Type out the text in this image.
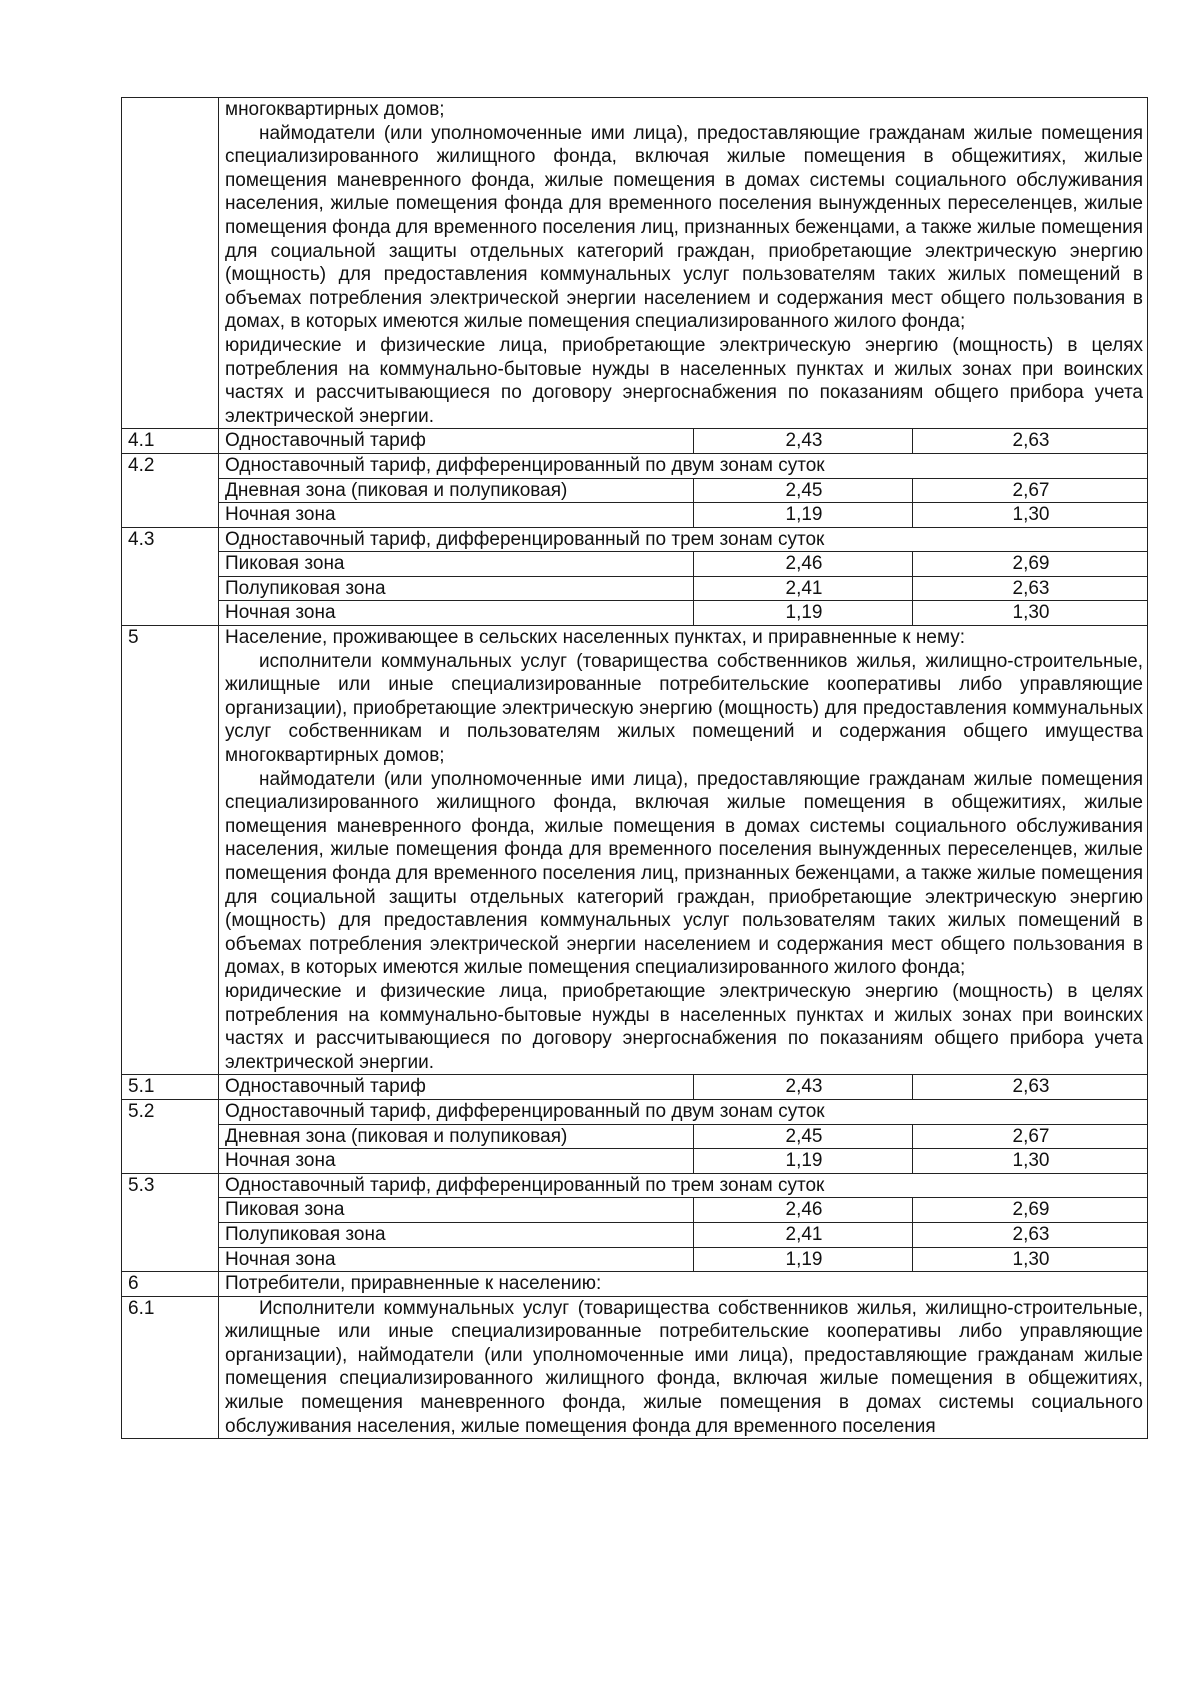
	многоквартирных домов;

наймодатели (или уполномоченные ими лица), предоставляющие гражданам жилые помещения специализированного жилищного фонда, включая жилые помещения в общежитиях, жилые помещения маневренного фонда, жилые помещения в домах системы социального обслуживания населения, жилые помещения фонда для временного поселения вынужденных переселенцев, жилые помещения фонда для временного поселения лиц, признанных беженцами, а также жилые помещения для социальной защиты отдельных категорий граждан, приобретающие электрическую энергию (мощность) для предоставления коммунальных услуг пользователям таких жилых помещений в объемах потребления электрической энергии населением и содержания мест общего пользования в домах, в которых имеются жилые помещения специализированного жилого фонда;

юридические и физические лица, приобретающие электрическую энергию (мощность) в целях потребления на коммунально-бытовые нужды в населенных пунктах и жилых зонах при воинских частях и рассчитывающиеся по договору энергоснабжения по показаниям общего прибора учета электрической энергии.		

4.1	Одноставочный тариф	2,43	2,63
4.2	Одноставочный тариф, дифференцированный по двум зонам суток		
	Дневная зона (пиковая и полупиковая)	2,45	2,67
	Ночная зона	1,19	1,30
4.3	Одноставочный тариф, дифференцированный по трем зонам суток		
	Пиковая зона	2,46	2,69
	Полупиковая зона	2,41	2,63
	Ночная зона	1,19	1,30
5	Население, проживающее в сельских населенных пунктах, и приравненные к нему:

исполнители коммунальных услуг (товарищества собственников жилья, жилищно-строительные, жилищные или иные специализированные потребительские кооперативы либо управляющие организации), приобретающие электрическую энергию (мощность) для предоставления коммунальных услуг собственникам и пользователям жилых помещений и содержания общего имущества многоквартирных домов;

наймодатели (или уполномоченные ими лица), предоставляющие гражданам жилые помещения специализированного жилищного фонда, включая жилые помещения в общежитиях, жилые помещения маневренного фонда, жилые помещения в домах системы социального обслуживания населения, жилые помещения фонда для временного поселения вынужденных переселенцев, жилые помещения фонда для временного поселения лиц, признанных беженцами, а также жилые помещения для социальной защиты отдельных категорий граждан, приобретающие электрическую энергию (мощность) для предоставления коммунальных услуг пользователям таких жилых помещений в объемах потребления электрической энергии населением и содержания мест общего пользования в домах, в которых имеются жилые помещения специализированного жилого фонда;

юридические и физические лица, приобретающие электрическую энергию (мощность) в целях потребления на коммунально-бытовые нужды в населенных пунктах и жилых зонах при воинских частях и рассчитывающиеся по договору энергоснабжения по показаниям общего прибора учета электрической энергии.		

5.1	Одноставочный тариф	2,43	2,63
5.2	Одноставочный тариф, дифференцированный по двум зонам суток		
	Дневная зона (пиковая и полупиковая)	2,45	2,67
	Ночная зона	1,19	1,30
5.3	Одноставочный тариф, дифференцированный по трем зонам суток		
	Пиковая зона	2,46	2,69
	Полупиковая зона	2,41	2,63
	Ночная зона	1,19	1,30
6	Потребители, приравненные к населению:		
6.1	Исполнители коммунальных услуг (товарищества собственников жилья, жилищно-строительные, жилищные или иные специализированные потребительские кооперативы либо управляющие организации), наймодатели (или уполномоченные ими лица), предоставляющие гражданам жилые помещения специализированного жилищного фонда, включая жилые помещения в общежитиях, жилые помещения маневренного фонда, жилые помещения в домах системы социального обслуживания населения, жилые помещения фонда для временного поселения		
